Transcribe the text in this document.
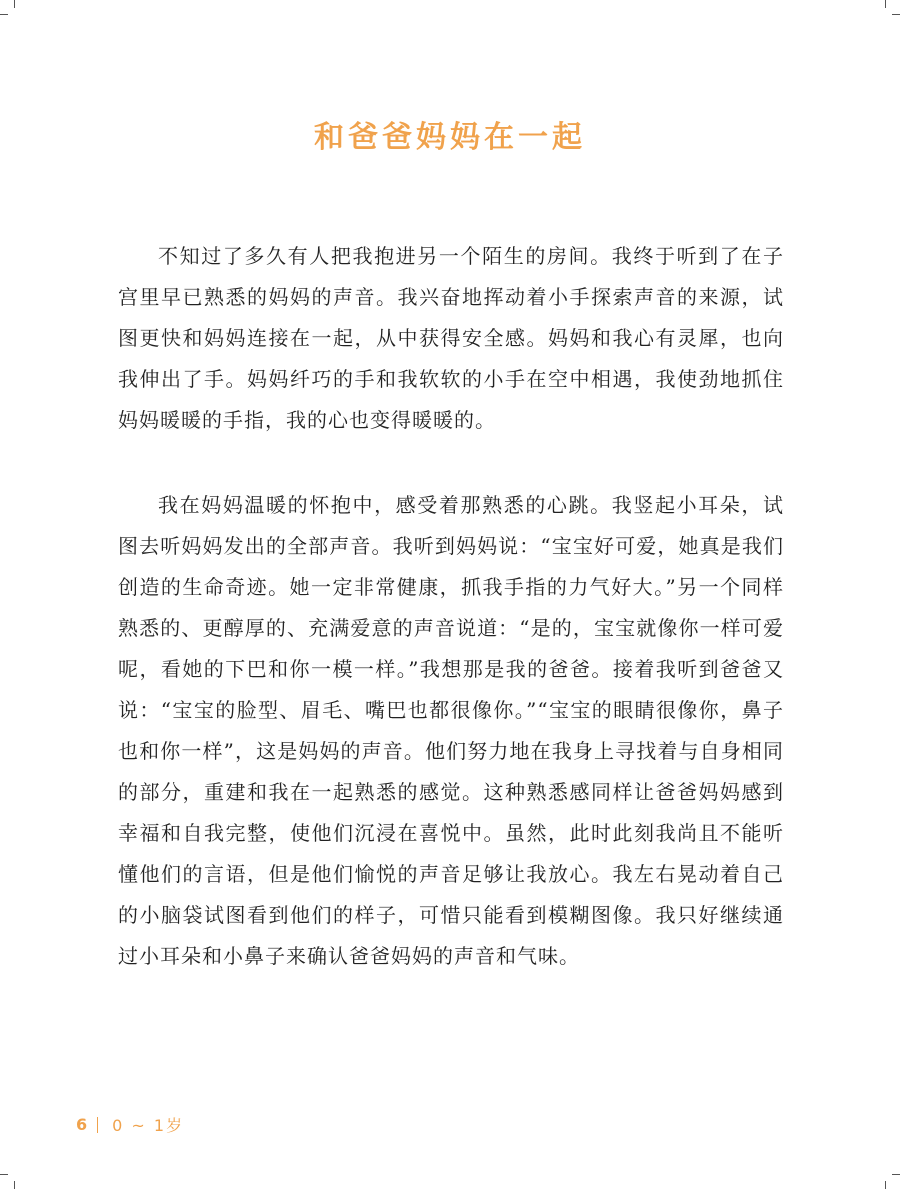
和爸爸妈妈在一起

不知过了多久有人把我抱进另一个陌生的房间。我终于听到了在子宫里早已熟悉的妈妈的声音。我兴奋地挥动着小手探索声音的来源，试图更快和妈妈连接在一起，从中获得安全感。妈妈和我心有灵犀，也向我伸出了手。妈妈纤巧的手和我软软的小手在空中相遇，我使劲地抓住妈妈暖暖的手指，我的心也变得暖暖的。

我在妈妈温暖的怀抱中，感受着那熟悉的心跳。我竖起小耳朵，试图去听妈妈发出的全部声音。我听到妈妈说：“宝宝好可爱，她真是我们创造的生命奇迹。她一定非常健康，抓我手指的力气好大。”另一个同样熟悉的、更醇厚的、充满爱意的声音说道：“是的，宝宝就像你一样可爱呢，看她的下巴和你一模一样。”我想那是我的爸爸。接着我听到爸爸又说：“宝宝的脸型、眉毛、嘴巴也都很像你。”“宝宝的眼睛很像你，鼻子也和你一样”，这是妈妈的声音。他们努力地在我身上寻找着与自身相同的部分，重建和我在一起熟悉的感觉。这种熟悉感同样让爸爸妈妈感到幸福和自我完整，使他们沉浸在喜悦中。虽然，此时此刻我尚且不能听懂他们的言语，但是他们愉悦的声音足够让我放心。我左右晃动着自己的小脑袋试图看到他们的样子，可惜只能看到模糊图像。我只好继续通过小耳朵和小鼻子来确认爸爸妈妈的声音和气味。

6 0 ~ 1岁
